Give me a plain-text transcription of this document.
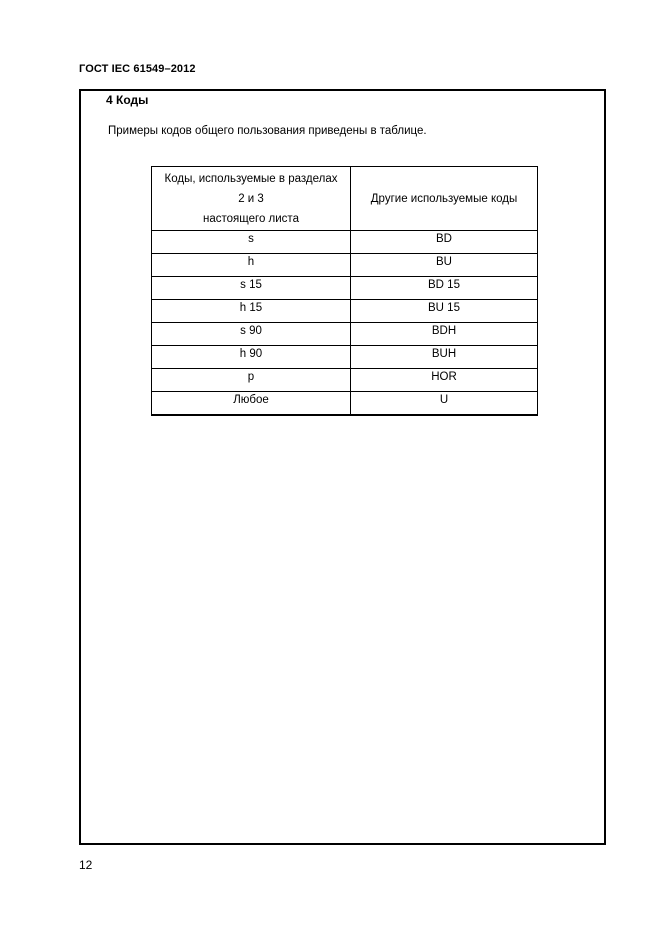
ГОСТ IEC 61549–2012
4 Коды
Примеры кодов общего пользования приведены в таблице.
Коды, используемые в разделах
2 и 3
настоящего листа	Другие используемые коды
s	BD
h	BU
s 15	BD 15
h 15	BU 15
s 90	BDH
h 90	BUH
p	HOR
Любое	U
12
